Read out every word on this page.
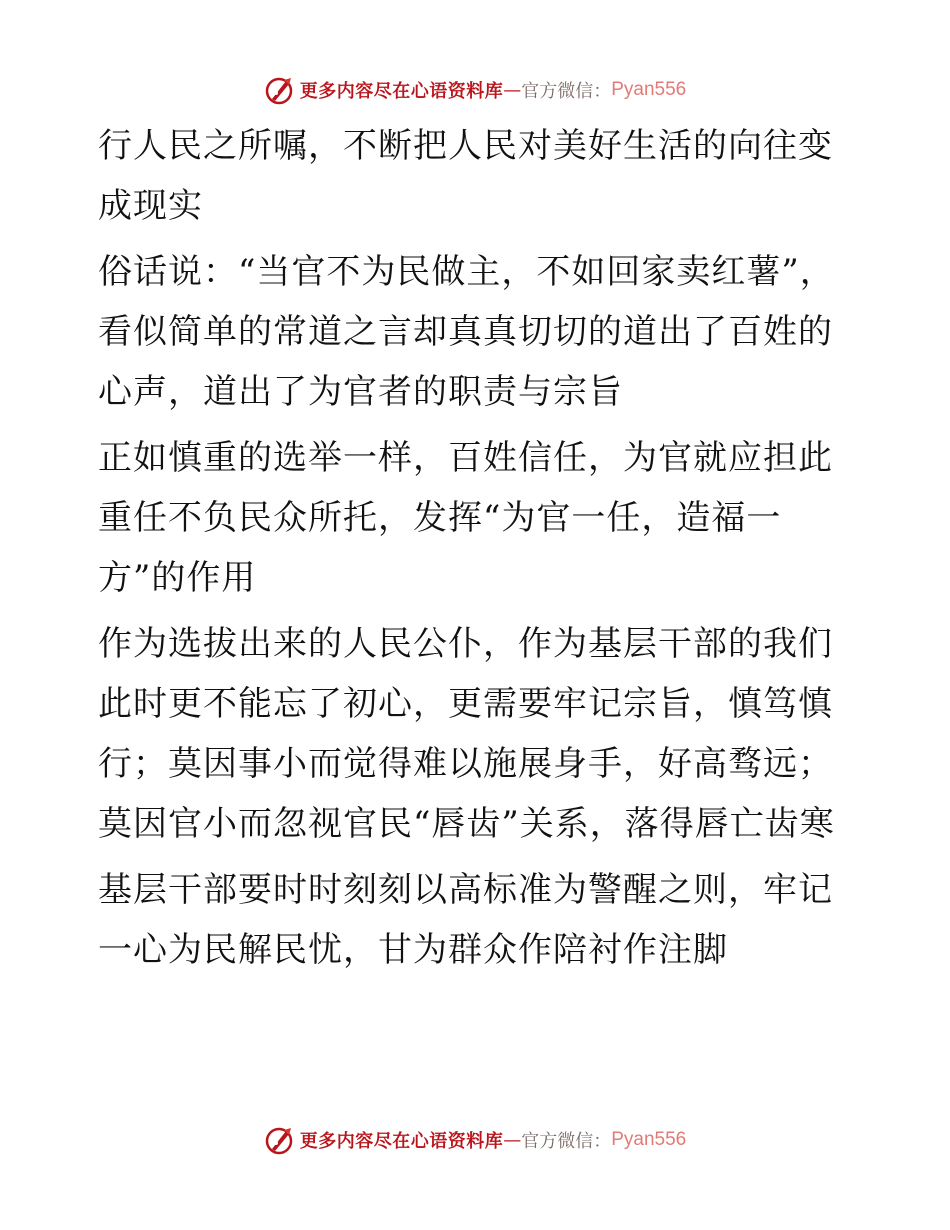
更多内容尽在心语资料库 — 官方微信： Pyan556

行人民之所嘱，不断把人民对美好生活的向往变成现实

俗话说：“当官不为民做主，不如回家卖红薯”，看似简单的常道之言却真真切切的道出了百姓的心声，道出了为官者的职责与宗旨

正如慎重的选举一样，百姓信任，为官就应担此重任不负民众所托，发挥“为官一任，造福一方”的作用

作为选拔出来的人民公仆，作为基层干部的我们此时更不能忘了初心，更需要牢记宗旨，慎笃慎行；莫因事小而觉得难以施展身手，好高骛远；莫因官小而忽视官民“唇齿”关系，落得唇亡齿寒

基层干部要时时刻刻以高标准为警醒之则，牢记一心为民解民忧，甘为群众作陪衬作注脚

更多内容尽在心语资料库 — 官方微信： Pyan556
